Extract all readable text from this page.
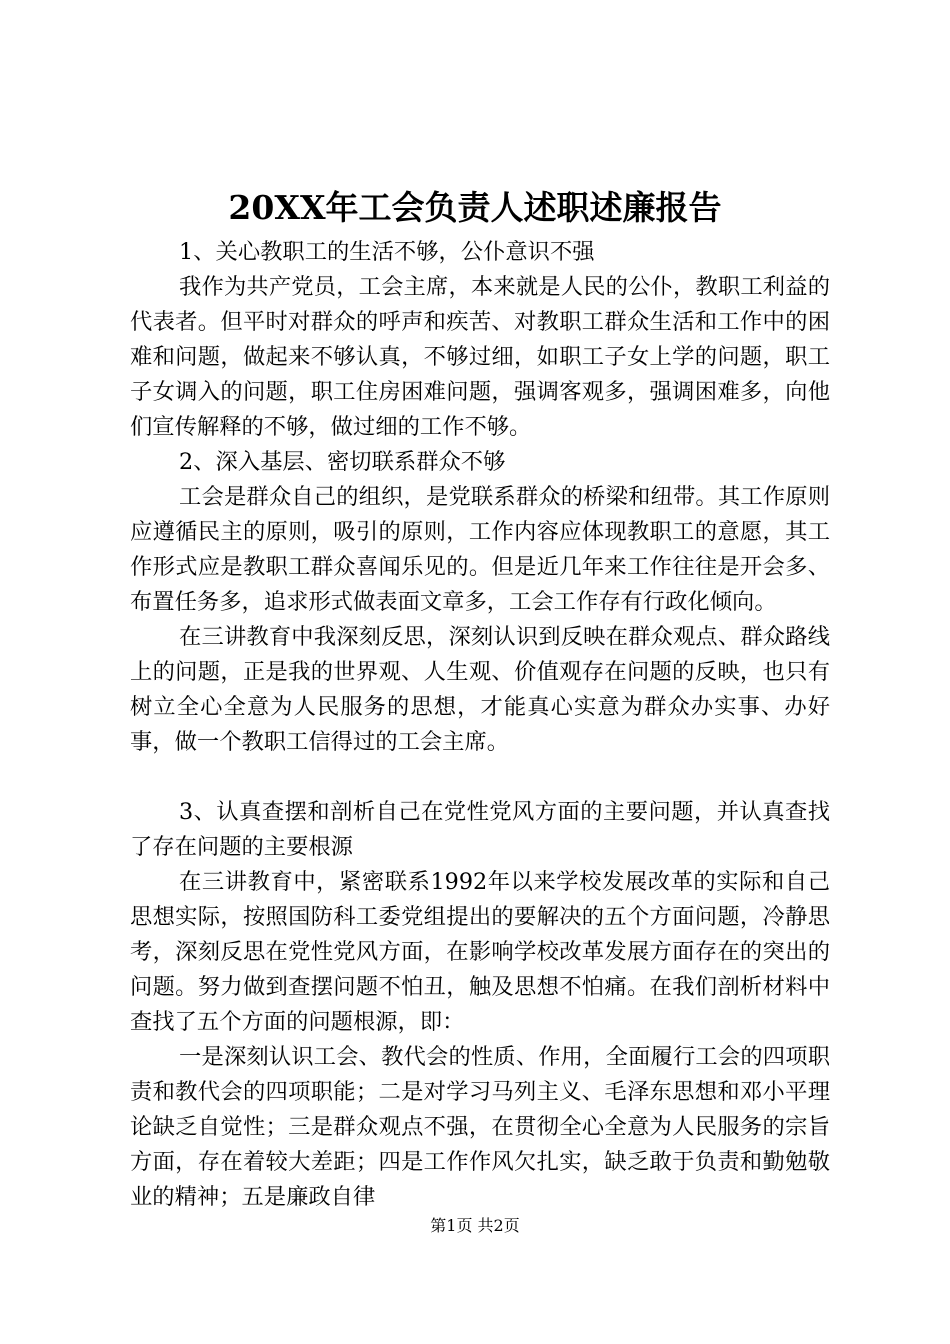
20XX年工会负责人述职述廉报告

1、关心教职工的生活不够，公仆意识不强

我作为共产党员，工会主席，本来就是人民的公仆，教职工利益的代表者。但平时对群众的呼声和疾苦、对教职工群众生活和工作中的困难和问题，做起来不够认真，不够过细，如职工子女上学的问题，职工子女调入的问题，职工住房困难问题，强调客观多，强调困难多，向他们宣传解释的不够，做过细的工作不够。

2、深入基层、密切联系群众不够

工会是群众自己的组织，是党联系群众的桥梁和纽带。其工作原则应遵循民主的原则，吸引的原则，工作内容应体现教职工的意愿，其工作形式应是教职工群众喜闻乐见的。但是近几年来工作往往是开会多、布置任务多，追求形式做表面文章多，工会工作存有行政化倾向。

在三讲教育中我深刻反思，深刻认识到反映在群众观点、群众路线上的问题，正是我的世界观、人生观、价值观存在问题的反映，也只有树立全心全意为人民服务的思想，才能真心实意为群众办实事、办好事，做一个教职工信得过的工会主席。

3、认真查摆和剖析自己在党性党风方面的主要问题，并认真查找了存在问题的主要根源

在三讲教育中，紧密联系1992年以来学校发展改革的实际和自己思想实际，按照国防科工委党组提出的要解决的五个方面问题，冷静思考，深刻反思在党性党风方面，在影响学校改革发展方面存在的突出的问题。努力做到查摆问题不怕丑，触及思想不怕痛。在我们剖析材料中查找了五个方面的问题根源，即：

一是深刻认识工会、教代会的性质、作用，全面履行工会的四项职责和教代会的四项职能；二是对学习马列主义、毛泽东思想和邓小平理论缺乏自觉性；三是群众观点不强，在贯彻全心全意为人民服务的宗旨方面，存在着较大差距；四是工作作风欠扎实，缺乏敢于负责和勤勉敬业的精神；五是廉政自律

第1页 共2页
